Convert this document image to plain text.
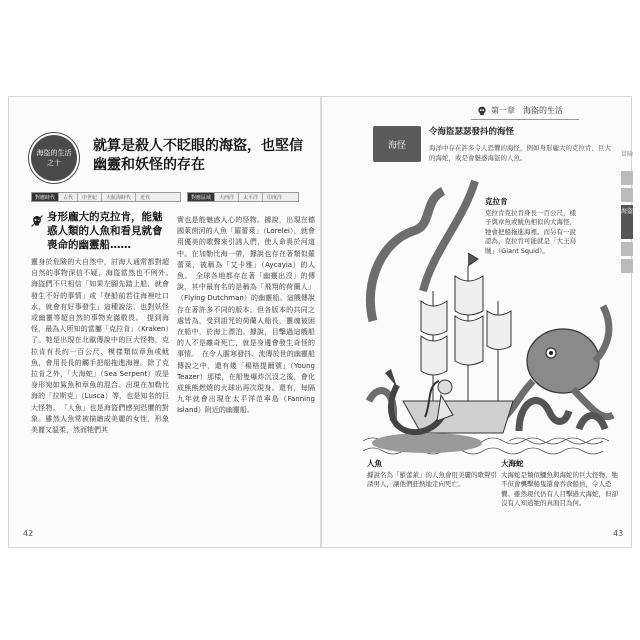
海盜的生活之十
就算是殺人不眨眼的海盜，也堅信幽靈和妖怪的存在
對應時代	古代	中世紀	大航海時代	近代	對應區域	大西洋	太平洋	印度洋
身形龐大的克拉肯，能魅惑人類的人魚和看見就會喪命的幽靈船……
靈身於危險的大自然中，討海人通常都對超自然的事物深信不疑，海盜當然也不例外。　海盜們不只相信「如果左腳先踏上船，就會發生不好的事情」或「登船前若往海裡吐口水，就會有好事發生」這種說法，也對妖怪或幽靈等超自然的事物充滿敬畏。　提到海怪，最為人所知的當屬「克拉肯」（Kraken）了。牠是出現在北歐傳說中的巨大怪物，克拉肯有長約一百公尺、模樣類似章魚或魷魚，會用長長的觸手把船拖進海裡。除了克拉肯之外，「大海蛇」（Sea Serpent）或是身形宛如鯊魚和章魚的混合、出現在加勒比海的「拉斯克」（Lusca）等，也是知名的巨大怪物。　「人魚」也是海盜們感到恐懼的對象。雖然人魚常被描繪成美麗的女性，形象美麗又溫柔，然而牠們其
實也是能魅惑人心的怪物。據說，出現在德國萊茵河的人魚「羅蕾萊」（Lorelei），就會用優美的歌聲來引誘人們，使人命喪於河道中。在加勒比海一帶，據說也存在著類似羅蕾萊，被稱為「艾卡雅」（Aycayia）的人魚。　全球各地都存在著「幽靈出沒」的傳說，其中最有名的是稱為「飛翔的荷蘭人」（Flying Dutchman）的幽靈船。這艘傳說存在著許多不同的版本，但各版本的共同之處皆為，受到詛咒的荷蘭人船長，靈魂被困在船中，於海上漂泊。據說，目擊過這艘船的人不是離奇死亡，就是身邊會發生奇怪的事情。　在令人膽寒發抖、流傳於世的幽靈船傳說之中，還有幾「楊格提爾號」（Young Teazer）那樣，在船隻爆炸沉沒之後，會化成熊熊燃燒的火球出再次現身。還有，每隔九年就會出現在太平洋范寧島（Fanning Island）附近的幽靈船。
42
第一章　海盜的生活
海怪
令海盜瑟瑟發抖的海怪
海洋中存在許多令人恐懼的海怪，例如身形龐大的克拉肯、巨大的海蛇，或是會魅惑海盜的人魚。	冒險
海盜
克拉肯
克拉肯克拉肯身長一百公尺，樣子與章魚或魷魚相似的大海怪，牠會把船拖進海裡。而另有一說認為，克拉肯可能就是「大王烏賊」（Giant Squid）。
人魚
據說名為「羅蕾萊」的人魚會用美麗的歌聲引誘男人，讓他們狂熱地走向死亡。
大海蛇
大海蛇是類似鱷魚與海蛇的巨大怪物，牠不但會襲擊船隻還會吞食船員，令人恐懼。雖然現代仍有人目擊過大海蛇，但卻沒有人知道牠的真面目為何。
43
